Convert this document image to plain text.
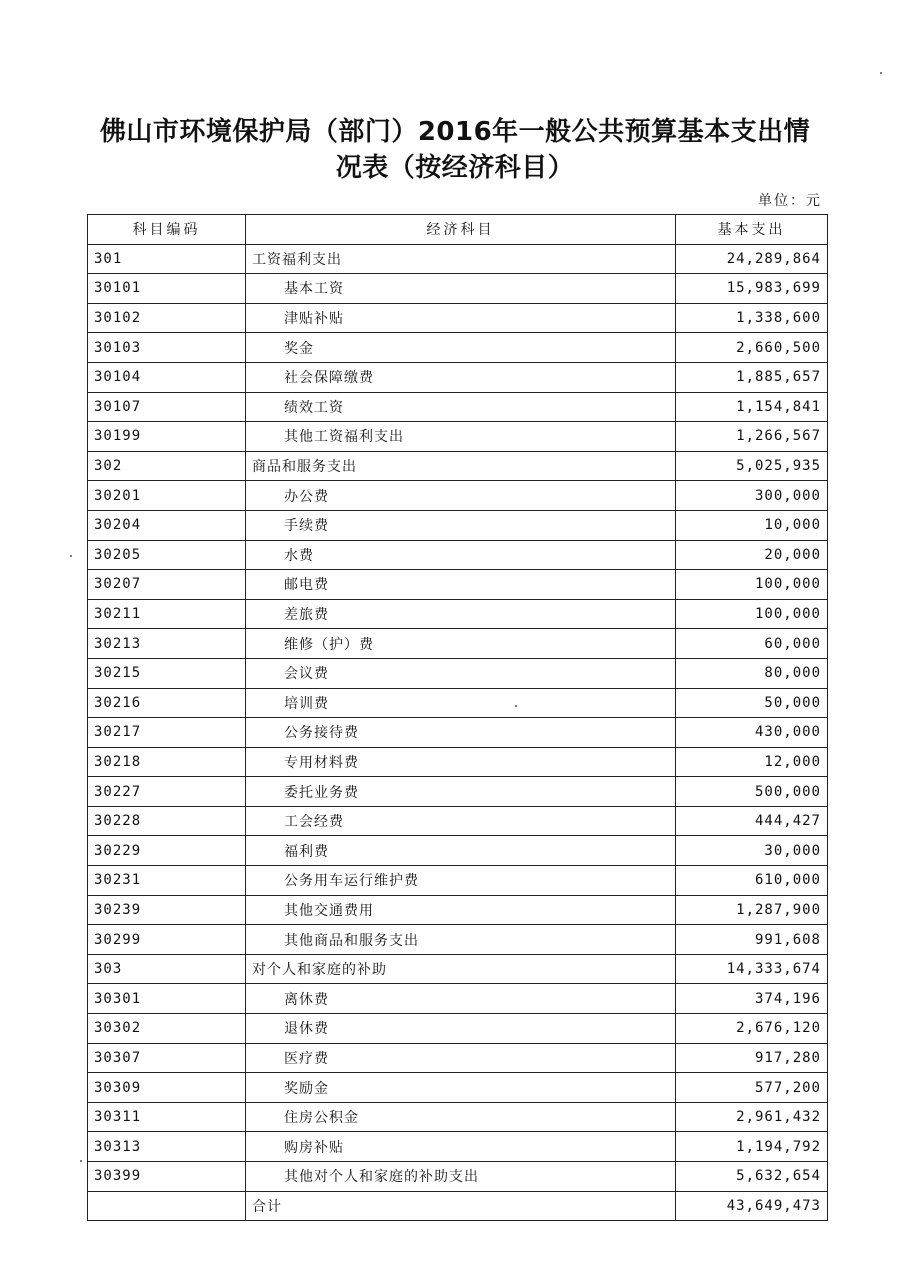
佛山市环境保护局（部门）2016年一般公共预算基本支出情
况表（按经济科目）
单位：元
科目编码	经济科目	基本支出
301	工资福利支出	24,289,864
30101	基本工资	15,983,699
30102	津贴补贴	1,338,600
30103	奖金	2,660,500
30104	社会保障缴费	1,885,657
30107	绩效工资	1,154,841
30199	其他工资福利支出	1,266,567
302	商品和服务支出	5,025,935
30201	办公费	300,000
30204	手续费	10,000
30205	水费	20,000
30207	邮电费	100,000
30211	差旅费	100,000
30213	维修（护）费	60,000
30215	会议费	80,000
30216	培训费	50,000
30217	公务接待费	430,000
30218	专用材料费	12,000
30227	委托业务费	500,000
30228	工会经费	444,427
30229	福利费	30,000
30231	公务用车运行维护费	610,000
30239	其他交通费用	1,287,900
30299	其他商品和服务支出	991,608
303	对个人和家庭的补助	14,333,674
30301	离休费	374,196
30302	退休费	2,676,120
30307	医疗费	917,280
30309	奖励金	577,200
30311	住房公积金	2,961,432
30313	购房补贴	1,194,792
30399	其他对个人和家庭的补助支出	5,632,654
	合计	43,649,473
